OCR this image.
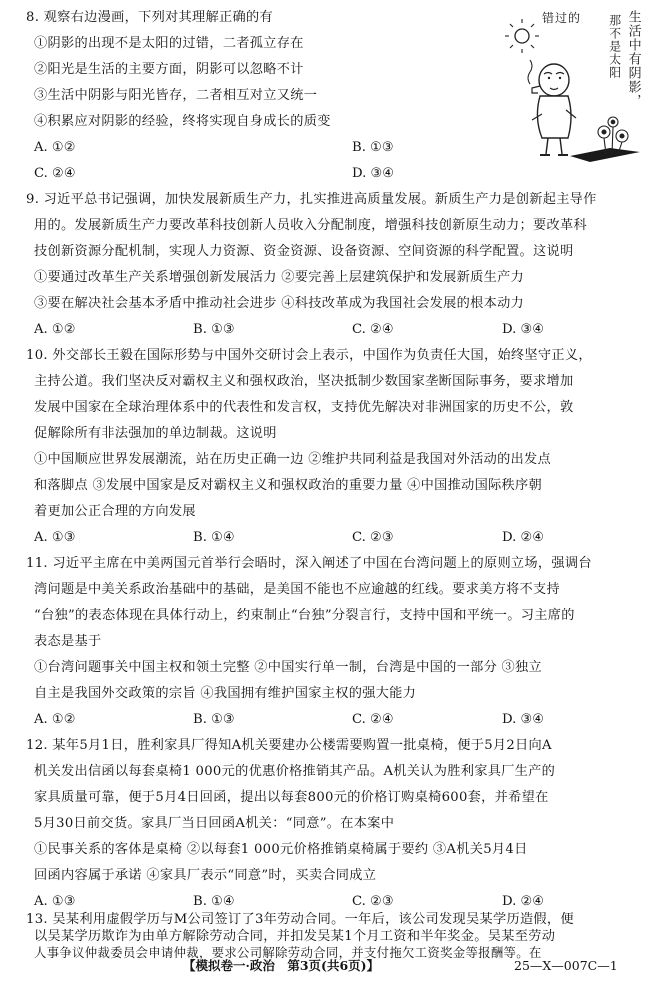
8. 观察右边漫画，下列对其理解正确的有
①阴影的出现不是太阳的过错，二者孤立存在
②阳光是生活的主要方面，阴影可以忽略不计
③生活中阴影与阳光皆存，二者相互对立又统一
④积累应对阴影的经验，终将实现自身成长的质变
A. ①②	B. ①③
C. ②④	D. ③④
生活中有阴影，
那不是太阳
错过的
9. 习近平总书记强调，加快发展新质生产力，扎实推进高质量发展。新质生产力是创新起主导作
用的。发展新质生产力要改革科技创新人员收入分配制度，增强科技创新原生动力；要改革科
技创新资源分配机制，实现人力资源、资金资源、设备资源、空间资源的科学配置。这说明
①要通过改革生产关系增强创新发展活力 ②要完善上层建筑保护和发展新质生产力
③要在解决社会基本矛盾中推动社会进步 ④科技改革成为我国社会发展的根本动力
A. ①②	B. ①③	C. ②④	D. ③④
10. 外交部长王毅在国际形势与中国外交研讨会上表示，中国作为负责任大国，始终坚守正义，
主持公道。我们坚决反对霸权主义和强权政治，坚决抵制少数国家垄断国际事务，要求增加
发展中国家在全球治理体系中的代表性和发言权，支持优先解决对非洲国家的历史不公，敦
促解除所有非法强加的单边制裁。这说明
①中国顺应世界发展潮流，站在历史正确一边 ②维护共同利益是我国对外活动的出发点
和落脚点 ③发展中国家是反对霸权主义和强权政治的重要力量 ④中国推动国际秩序朝
着更加公正合理的方向发展
A. ①③	B. ①④	C. ②③	D. ②④
11. 习近平主席在中美两国元首举行会晤时，深入阐述了中国在台湾问题上的原则立场，强调台
湾问题是中美关系政治基础中的基础，是美国不能也不应逾越的红线。要求美方将不支持
“台独”的表态体现在具体行动上，约束制止“台独”分裂言行，支持中国和平统一。习主席的
表态是基于
①台湾问题事关中国主权和领土完整 ②中国实行单一制，台湾是中国的一部分 ③独立
自主是我国外交政策的宗旨 ④我国拥有维护国家主权的强大能力
A. ①②	B. ①③	C. ②④	D. ③④
12. 某年5月1日，胜利家具厂得知A机关要建办公楼需要购置一批桌椅，便于5月2日向A
机关发出信函以每套桌椅1 000元的优惠价格推销其产品。A机关认为胜利家具厂生产的
家具质量可靠，便于5月4日回函，提出以每套800元的价格订购桌椅600套，并希望在
5月30日前交货。家具厂当日回函A机关：“同意”。在本案中
①民事关系的客体是桌椅 ②以每套1 000元价格推销桌椅属于要约 ③A机关5月4日
回函内容属于承诺 ④家具厂表示“同意”时，买卖合同成立
A. ①③	B. ①④	C. ②③	D. ②④
13. 吴某利用虚假学历与M公司签订了3年劳动合同。一年后，该公司发现吴某学历造假，便
以吴某学历欺诈为由单方解除劳动合同，并扣发吴某1个月工资和半年奖金。吴某至劳动
人事争议仲裁委员会申请仲裁，要求公司解除劳动合同，并支付拖欠工资奖金等报酬等。在
【模拟卷一·政治　第3页(共6页)】	25—X—007C—1
